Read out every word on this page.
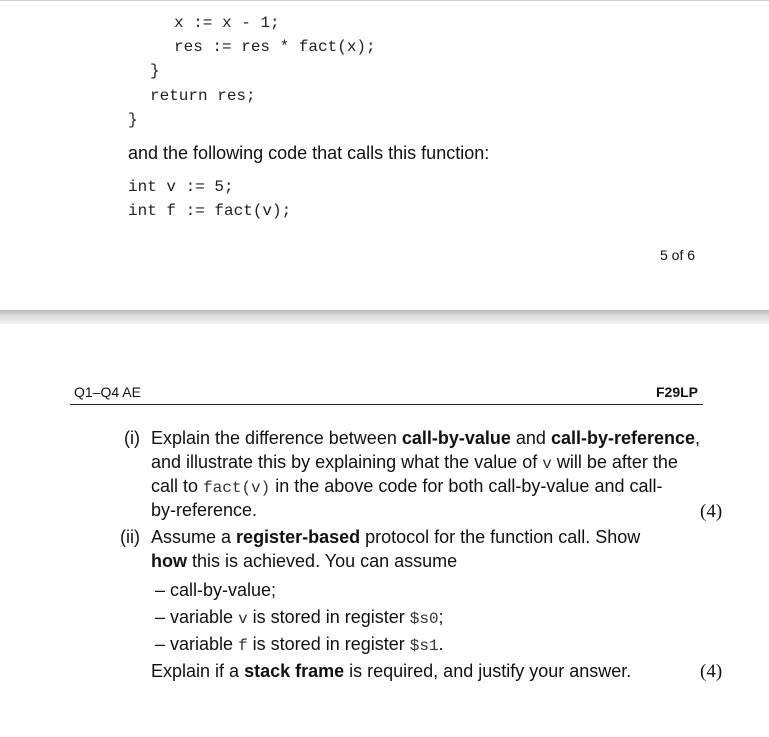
x := x - 1;
res := res * fact(x);
}
return res;
}
and the following code that calls this function:
int v := 5;
int f := fact(v);
5 of 6
Q1–Q4 AE	F29LP
(i) Explain the difference between call-by-value and call-by-reference,
and illustrate this by explaining what the value of v will be after the
call to fact(v) in the above code for both call-by-value and call-
by-reference.	(4)
(ii) Assume a register-based protocol for the function call. Show
how this is achieved. You can assume
– call-by-value;
– variable v is stored in register $s0;
– variable f is stored in register $s1.
Explain if a stack frame is required, and justify your answer.	(4)
